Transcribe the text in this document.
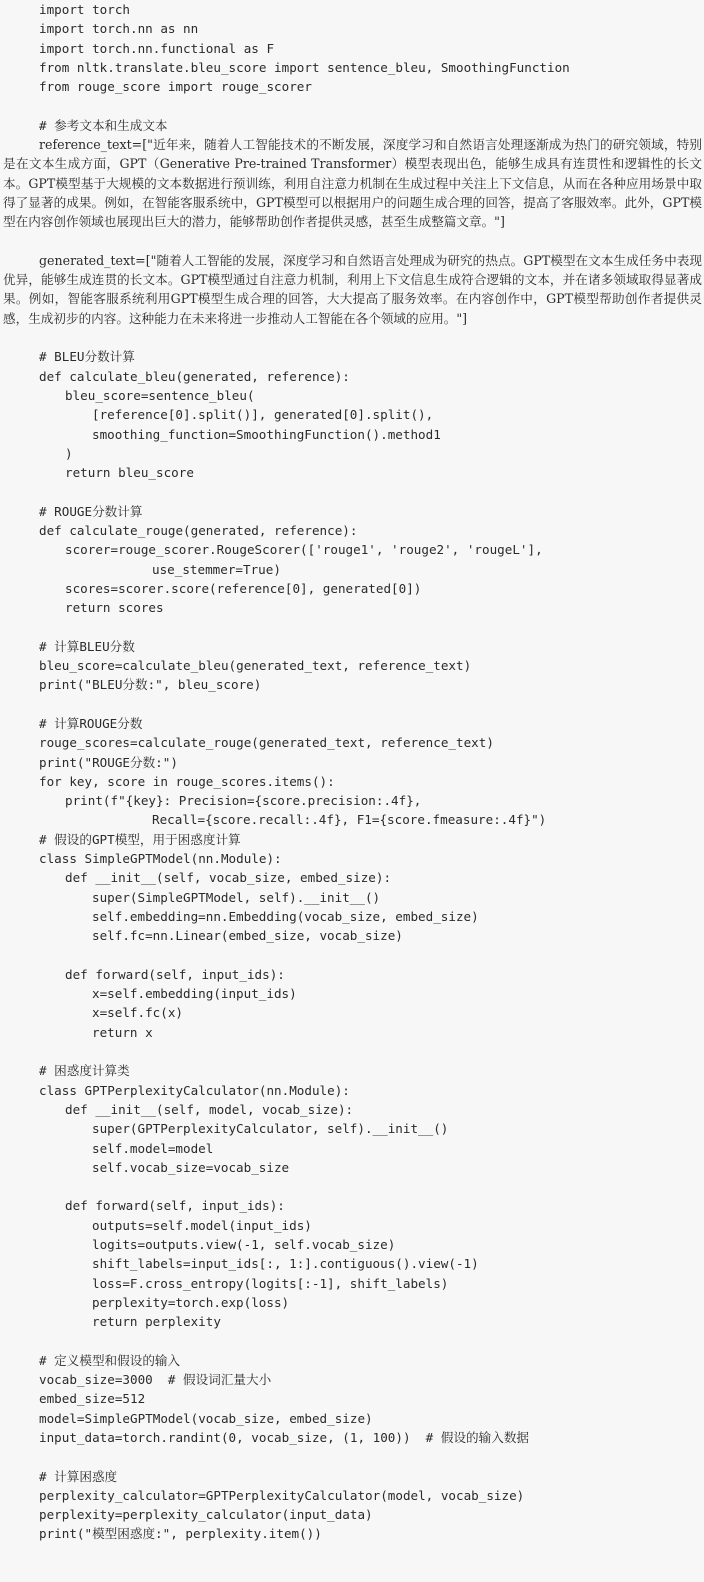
import torch
import torch.nn as nn
import torch.nn.functional as F
from nltk.translate.bleu_score import sentence_bleu, SmoothingFunction
from rouge_score import rouge_scorer
# 参考文本和生成文本
reference_text=["近年来，随着人工智能技术的不断发展，深度学习和自然语言处理逐渐成为热门的研究领域，特别是在文本生成方面，GPT（Generative Pre-trained Transformer）模型表现出色，能够生成具有连贯性和逻辑性的长文本。GPT模型基于大规模的文本数据进行预训练，利用自注意力机制在生成过程中关注上下文信息，从而在各种应用场景中取得了显著的成果。例如，在智能客服系统中，GPT模型可以根据用户的问题生成合理的回答，提高了客服效率。此外，GPT模型在内容创作领域也展现出巨大的潜力，能够帮助创作者提供灵感，甚至生成整篇文章。"]
generated_text=["随着人工智能的发展，深度学习和自然语言处理成为研究的热点。GPT模型在文本生成任务中表现优异，能够生成连贯的长文本。GPT模型通过自注意力机制，利用上下文信息生成符合逻辑的文本，并在诸多领域取得显著成果。例如，智能客服系统利用GPT模型生成合理的回答，大大提高了服务效率。在内容创作中，GPT模型帮助创作者提供灵感，生成初步的内容。这种能力在未来将进一步推动人工智能在各个领域的应用。"]
# BLEU分数计算
def calculate_bleu(generated, reference):
bleu_score=sentence_bleu(
[reference[0].split()], generated[0].split(),
smoothing_function=SmoothingFunction().method1
)
return bleu_score
# ROUGE分数计算
def calculate_rouge(generated, reference):
scorer=rouge_scorer.RougeScorer(['rouge1', 'rouge2', 'rougeL'],
use_stemmer=True)
scores=scorer.score(reference[0], generated[0])
return scores
# 计算BLEU分数
bleu_score=calculate_bleu(generated_text, reference_text)
print("BLEU分数:", bleu_score)
# 计算ROUGE分数
rouge_scores=calculate_rouge(generated_text, reference_text)
print("ROUGE分数:")
for key, score in rouge_scores.items():
print(f"{key}: Precision={score.precision:.4f},
Recall={score.recall:.4f}, F1={score.fmeasure:.4f}")
# 假设的GPT模型，用于困惑度计算
class SimpleGPTModel(nn.Module):
def __init__(self, vocab_size, embed_size):
super(SimpleGPTModel, self).__init__()
self.embedding=nn.Embedding(vocab_size, embed_size)
self.fc=nn.Linear(embed_size, vocab_size)
def forward(self, input_ids):
x=self.embedding(input_ids)
x=self.fc(x)
return x
# 困惑度计算类
class GPTPerplexityCalculator(nn.Module):
def __init__(self, model, vocab_size):
super(GPTPerplexityCalculator, self).__init__()
self.model=model
self.vocab_size=vocab_size
def forward(self, input_ids):
outputs=self.model(input_ids)
logits=outputs.view(-1, self.vocab_size)
shift_labels=input_ids[:, 1:].contiguous().view(-1)
loss=F.cross_entropy(logits[:-1], shift_labels)
perplexity=torch.exp(loss)
return perplexity
# 定义模型和假设的输入
vocab_size=3000  # 假设词汇量大小
embed_size=512
model=SimpleGPTModel(vocab_size, embed_size)
input_data=torch.randint(0, vocab_size, (1, 100))  # 假设的输入数据
# 计算困惑度
perplexity_calculator=GPTPerplexityCalculator(model, vocab_size)
perplexity=perplexity_calculator(input_data)
print("模型困惑度:", perplexity.item())
